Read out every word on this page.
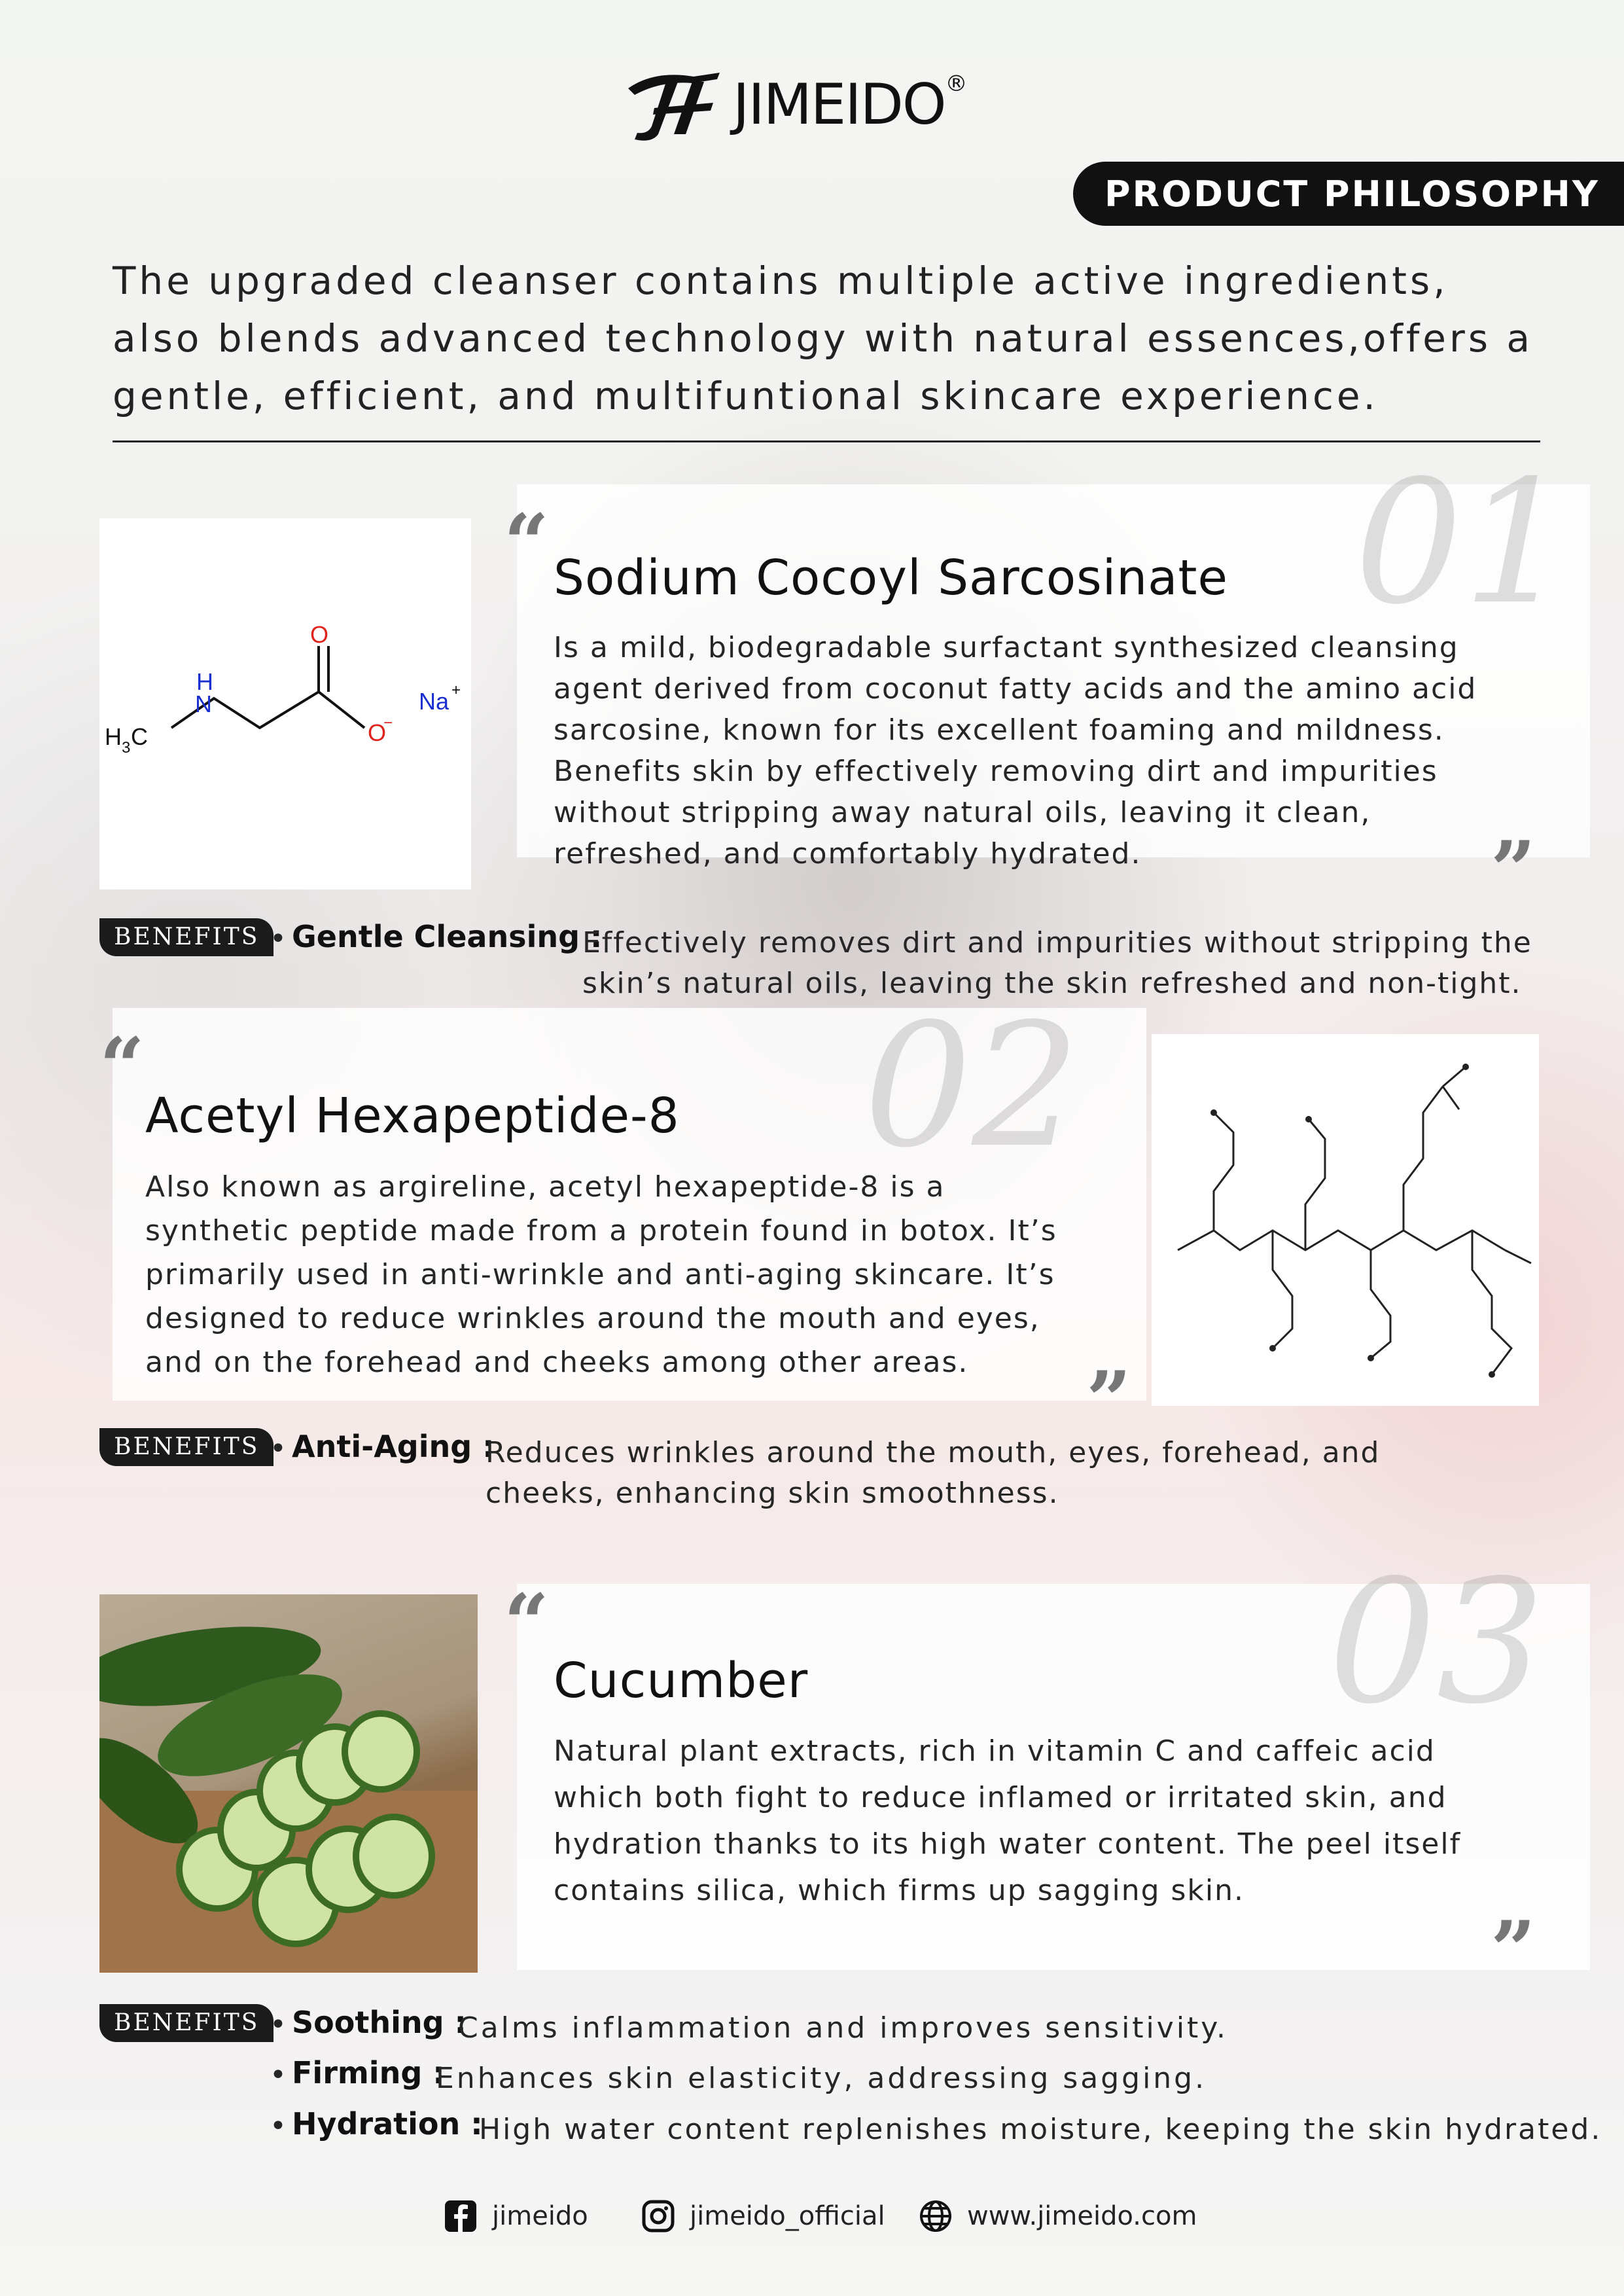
JIMEIDO®
PRODUCT PHILOSOPHY
The upgraded cleanser contains multiple active ingredients, also blends advanced technology with natural essences,offers a gentle, efficient, and multifuntional skincare experience.
01
“ Sodium Cocoyl Sarcosinate
Is a mild, biodegradable surfactant synthesized cleansing agent derived from coconut fatty acids and the amino acid sarcosine, known for its excellent foaming and mildness. Benefits skin by effectively removing dirt and impurities without stripping away natural oils, leaving it clean, refreshed, and comfortably hydrated.	”
O
H
N
O
−
Na +
H 3 C
BENEFITS • Gentle Cleansing :
Effectively removes dirt and impurities without stripping the skin’s natural oils, leaving the skin refreshed and non-tight.
02
“
Acetyl Hexapeptide-8
Also known as argireline, acetyl hexapeptide-8 is a synthetic peptide made from a protein found in botox. It’s primarily used in anti-wrinkle and anti-aging skincare. It’s designed to reduce wrinkles around the mouth and eyes, and on the forehead and cheeks among other areas.	”
BENEFITS • Anti-Aging :
Reduces wrinkles around the mouth, eyes, forehead, and cheeks, enhancing skin smoothness.
03
“
Cucumber
Natural plant extracts, rich in vitamin C and caffeic acid which both fight to reduce inflamed or irritated skin, and hydration thanks to its high water content. The peel itself contains silica, which firms up sagging skin.
”
BENEFITS • Soothing :
Calms inflammation and improves sensitivity.
• Firming :
Enhances skin elasticity, addressing sagging.
• Hydration :
High water content replenishes moisture, keeping the skin hydrated.
jimeido	jimeido_official	www.jimeido.com
